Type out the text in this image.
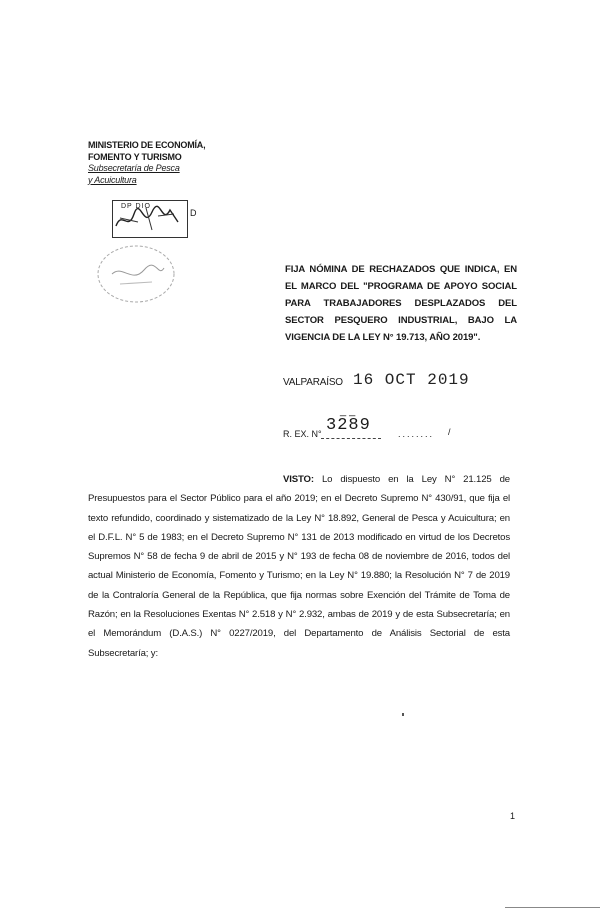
MINISTERIO DE ECONOMÍA,
FOMENTO Y TURISMO
Subsecretaría de Pesca
y Acuicultura
DP DIO
D
FIJA NÓMINA DE RECHAZADOS QUE INDICA, EN EL MARCO DEL "PROGRAMA DE APOYO SOCIAL PARA TRABAJADORES DESPLAZADOS DEL SECTOR PESQUERO INDUSTRIAL, BAJO LA VIGENCIA DE LA LEY N° 19.713, AÑO 2019".
VALPARAÍSO 16 OCT 2019
_ _
R. EX. N° 3289	........ /
VISTO: Lo dispuesto en la Ley N° 21.125 de Presupuestos para el Sector Público para el año 2019; en el Decreto Supremo N° 430/91, que fija el texto refundido, coordinado y sistematizado de la Ley N° 18.892, General de Pesca y Acuicultura; en el D.F.L. N° 5 de 1983; en el Decreto Supremo N° 131 de 2013 modificado en virtud de los Decretos Supremos N° 58 de fecha 9 de abril de 2015 y N° 193 de fecha 08 de noviembre de 2016, todos del actual Ministerio de Economía, Fomento y Turismo; en la Ley N° 19.880; la Resolución N° 7 de 2019 de la Contraloría General de la República, que fija normas sobre Exención del Trámite de Toma de Razón; en la Resoluciones Exentas N° 2.518 y N° 2.932, ambas de 2019 y de esta Subsecretaría; en el Memorándum (D.A.S.) N° 0227/2019, del Departamento de Análisis Sectorial de esta Subsecretaría; y:
1
